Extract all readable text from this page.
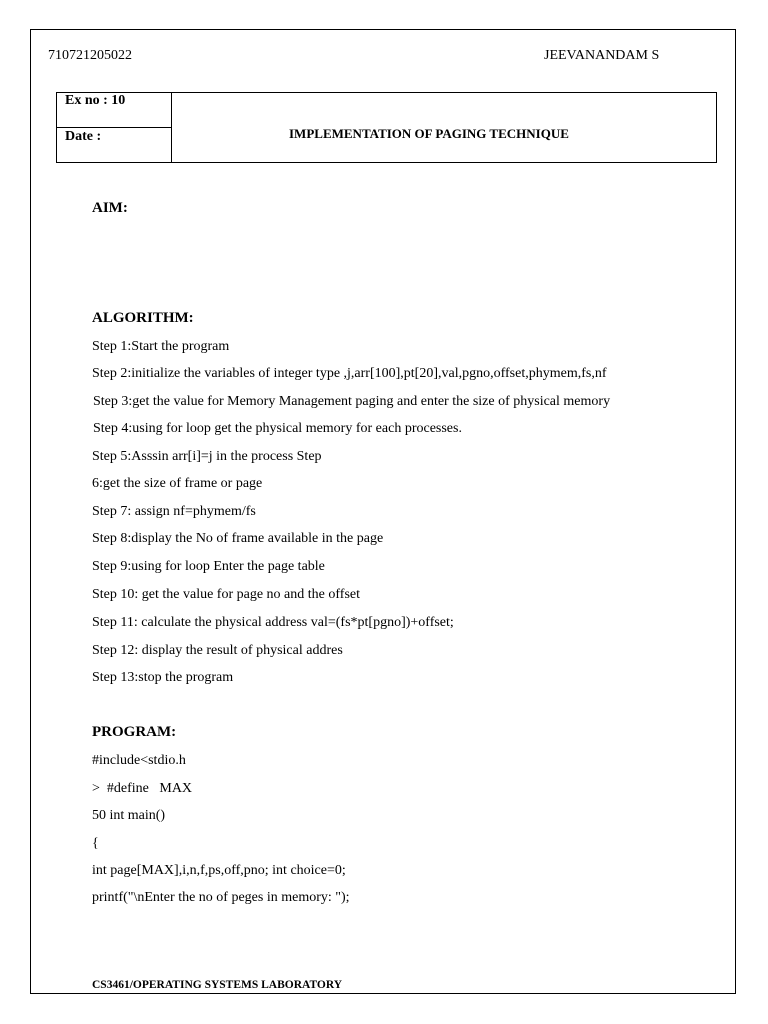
710721205022	JEEVANANDAM S
Ex no : 10
Date :	IMPLEMENTATION OF PAGING TECHNIQUE
AIM:
ALGORITHM:
Step 1:Start the program
Step 2:initialize the variables of integer type ,j,arr[100],pt[20],val,pgno,offset,phymem,fs,nf
Step 3:get the value for Memory Management paging and enter the size of physical memory
Step 4:using for loop get the physical memory for each processes.
Step 5:Asssin arr[i]=j in the process Step
6:get the size of frame or page
Step 7: assign nf=phymem/fs
Step 8:display the No of frame available in the page
Step 9:using for loop Enter the page table
Step 10: get the value for page no and the offset
Step 11: calculate the physical address val=(fs*pt[pgno])+offset;
Step 12: display the result of physical addres
Step 13:stop the program
PROGRAM:
#include<stdio.h
>  #define   MAX
50 int main()
{
int page[MAX],i,n,f,ps,off,pno; int choice=0;
printf("\nEnter the no of peges in memory: ");
CS3461/OPERATING SYSTEMS LABORATORY
